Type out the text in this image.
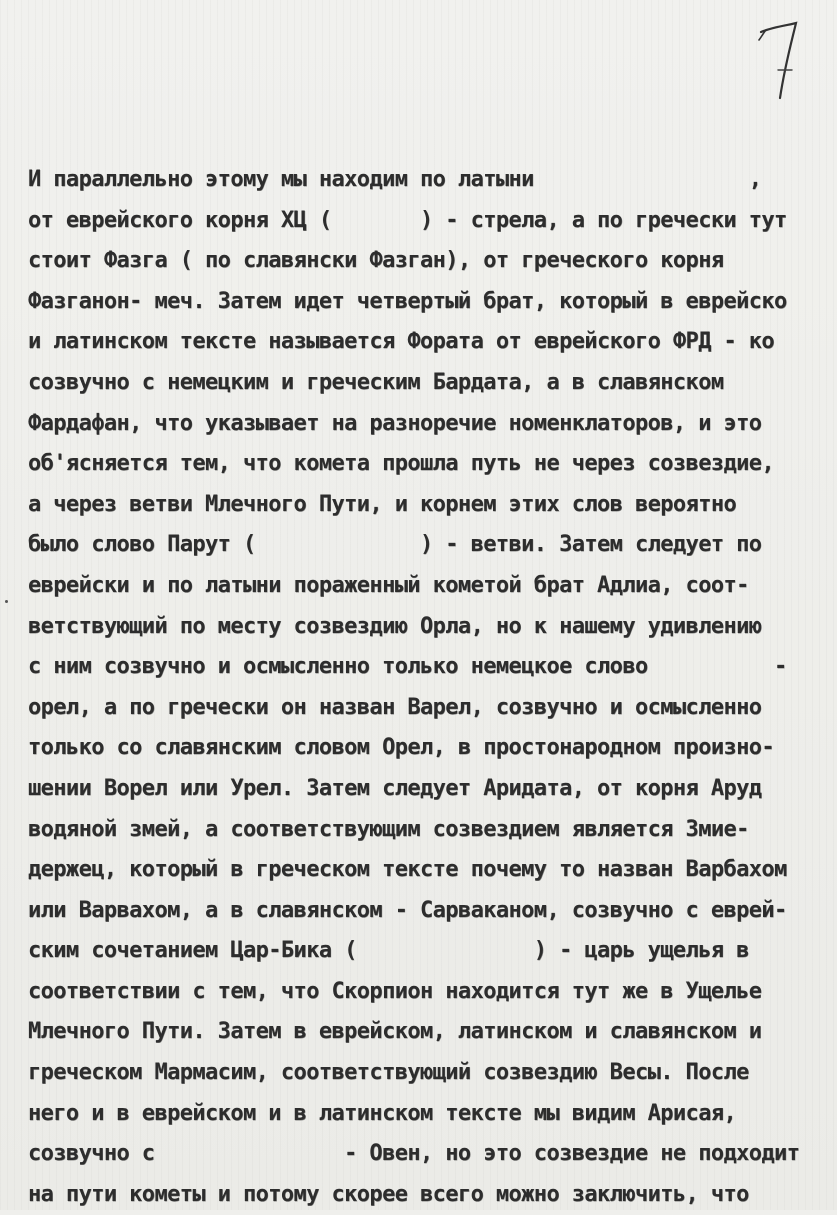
И параллельно этому мы находим по латыни                 ,
от еврейского корня ХЦ (       ) - стрела, а по гречески тут
стоит Фазга ( по славянски Фазган), от греческого корня
Фазганон- меч. Затем идет четвертый брат, который в еврейско
и латинском тексте называется Фората от еврейского ФРД - ко
созвучно с немецким и греческим Бардата, а в славянском
Фардафан, что указывает на разноречие номенклаторов, и это
об'ясняется тем, что комета прошла путь не через созвездие,
а через ветви Млечного Пути, и корнем этих слов вероятно
было слово Парут (             ) - ветви. Затем следует по
еврейски и по латыни пораженный кометой брат Адлиа, соот-
ветствующий по месту созвездию Орла, но к нашему удивлению
с ним созвучно и осмысленно только немецкое слово          -
орел, а по гречески он назван Варел, созвучно и осмысленно
только со славянским словом Орел, в простонародном произно-
шении Ворел или Урел. Затем следует Аридата, от корня Аруд
водяной змей, а соответствующим созвездием является Змие-
держец, который в греческом тексте почему то назван Варбахом
или Варвахом, а в славянском - Сарваканом, созвучно с еврей-
ским сочетанием Цар-Бика (              ) - царь ущелья в
соответствии с тем, что Скорпион находится тут же в Ущелье
Млечного Пути. Затем в еврейском, латинском и славянском и
греческом Мармасим, соответствующий созвездию Весы. После
него и в еврейском и в латинском тексте мы видим Арисая,
созвучно с               - Овен, но это созвездие не подходит
на пути кометы и потому скорее всего можно заключить, что
